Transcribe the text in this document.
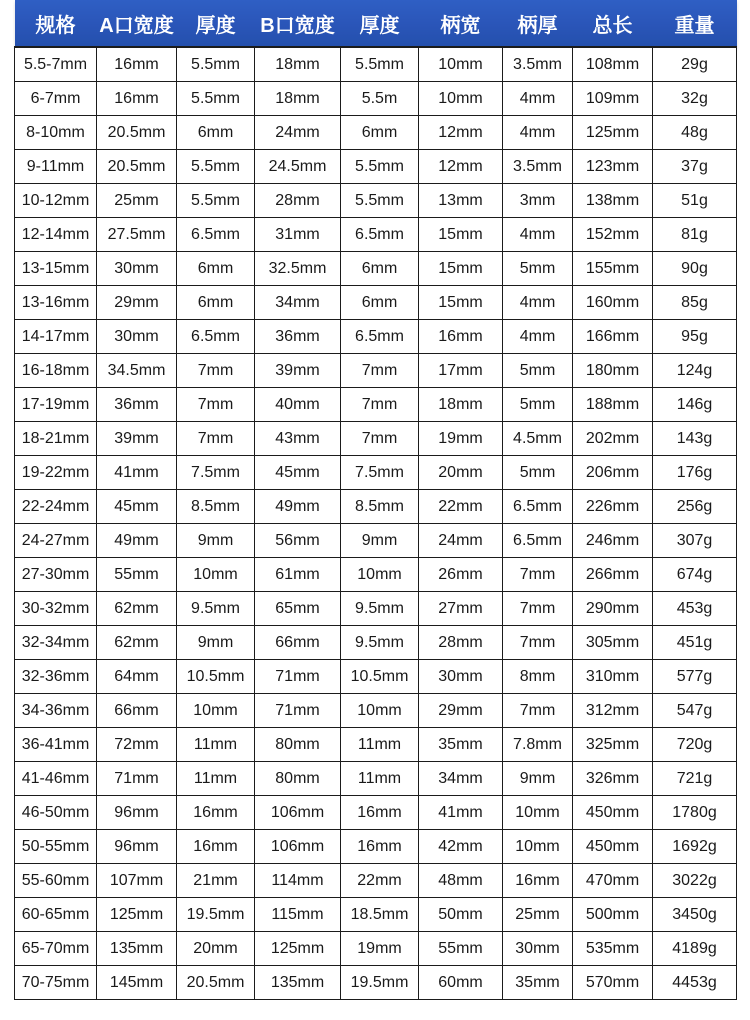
规格	A口宽度	厚度	B口宽度	厚度	柄宽	柄厚	总长	重量
5.5-7mm	16mm	5.5mm	18mm	5.5mm	10mm	3.5mm	108mm	29g
6-7mm	16mm	5.5mm	18mm	5.5m	10mm	4mm	109mm	32g
8-10mm	20.5mm	6mm	24mm	6mm	12mm	4mm	125mm	48g
9-11mm	20.5mm	5.5mm	24.5mm	5.5mm	12mm	3.5mm	123mm	37g
10-12mm	25mm	5.5mm	28mm	5.5mm	13mm	3mm	138mm	51g
12-14mm	27.5mm	6.5mm	31mm	6.5mm	15mm	4mm	152mm	81g
13-15mm	30mm	6mm	32.5mm	6mm	15mm	5mm	155mm	90g
13-16mm	29mm	6mm	34mm	6mm	15mm	4mm	160mm	85g
14-17mm	30mm	6.5mm	36mm	6.5mm	16mm	4mm	166mm	95g
16-18mm	34.5mm	7mm	39mm	7mm	17mm	5mm	180mm	124g
17-19mm	36mm	7mm	40mm	7mm	18mm	5mm	188mm	146g
18-21mm	39mm	7mm	43mm	7mm	19mm	4.5mm	202mm	143g
19-22mm	41mm	7.5mm	45mm	7.5mm	20mm	5mm	206mm	176g
22-24mm	45mm	8.5mm	49mm	8.5mm	22mm	6.5mm	226mm	256g
24-27mm	49mm	9mm	56mm	9mm	24mm	6.5mm	246mm	307g
27-30mm	55mm	10mm	61mm	10mm	26mm	7mm	266mm	674g
30-32mm	62mm	9.5mm	65mm	9.5mm	27mm	7mm	290mm	453g
32-34mm	62mm	9mm	66mm	9.5mm	28mm	7mm	305mm	451g
32-36mm	64mm	10.5mm	71mm	10.5mm	30mm	8mm	310mm	577g
34-36mm	66mm	10mm	71mm	10mm	29mm	7mm	312mm	547g
36-41mm	72mm	11mm	80mm	11mm	35mm	7.8mm	325mm	720g
41-46mm	71mm	11mm	80mm	11mm	34mm	9mm	326mm	721g
46-50mm	96mm	16mm	106mm	16mm	41mm	10mm	450mm	1780g
50-55mm	96mm	16mm	106mm	16mm	42mm	10mm	450mm	1692g
55-60mm	107mm	21mm	114mm	22mm	48mm	16mm	470mm	3022g
60-65mm	125mm	19.5mm	115mm	18.5mm	50mm	25mm	500mm	3450g
65-70mm	135mm	20mm	125mm	19mm	55mm	30mm	535mm	4189g
70-75mm	145mm	20.5mm	135mm	19.5mm	60mm	35mm	570mm	4453g
